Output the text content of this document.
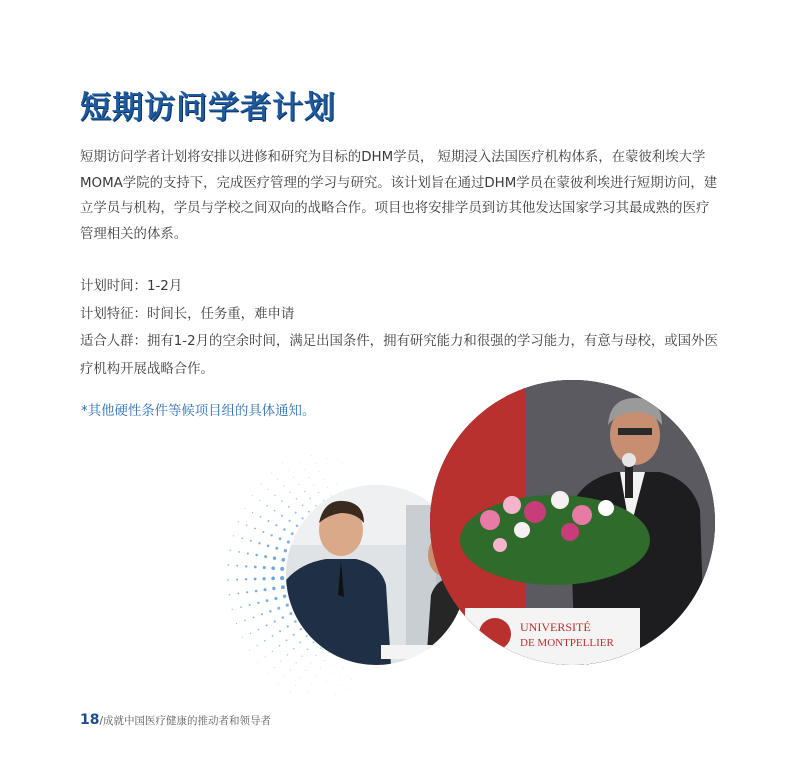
短期访问学者计划

短期访问学者计划将安排以进修和研究为目标的DHM学员， 短期浸入法国医疗机构体系，在蒙彼利埃大学MOMA学院的支持下，完成医疗管理的学习与研究。该计划旨在通过DHM学员在蒙彼利埃进行短期访问，建立学员与机构，学员与学校之间双向的战略合作。项目也将安排学员到访其他发达国家学习其最成熟的医疗管理相关的体系。

计划时间：1-2月

计划特征：时间长，任务重，难申请

适合人群：拥有1-2月的空余时间，满足出国条件，拥有研究能力和很强的学习能力，有意与母校，或国外医疗机构开展战略合作。

*其他硬性条件等候项目组的具体通知。

UNIVERSITÉ
DE MONTPELLIER
18/成就中国医疗健康的推动者和领导者
